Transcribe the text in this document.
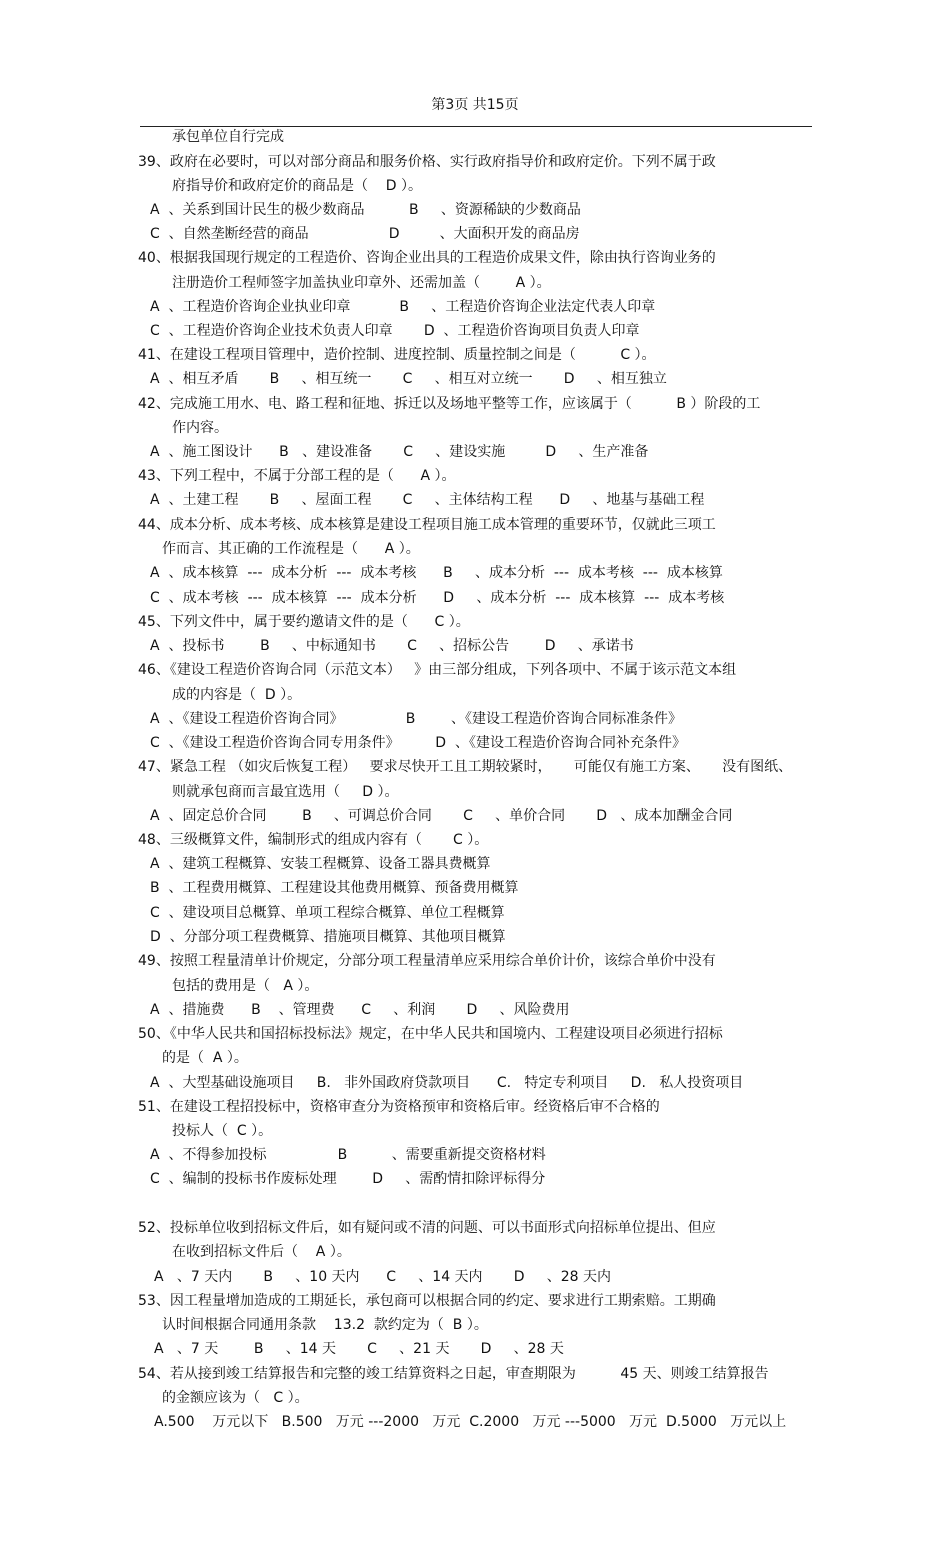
第3页 共15页
承包单位自行完成
39、政府在必要时，可以对部分商品和服务价格、实行政府指导价和政府定价。下列不属于政
府指导价和政府定价的商品是（    D ）。
A  、关系到国计民生的极少数商品          B     、资源稀缺的少数商品
C  、自然垄断经营的商品                  D         、大面积开发的商品房
40、根据我国现行规定的工程造价、咨询企业出具的工程造价成果文件，除由执行咨询业务的
注册造价工程师签字加盖执业印章外、还需加盖（        A ）。
A  、工程造价咨询企业执业印章           B     、工程造价咨询企业法定代表人印章
C  、工程造价咨询企业技术负责人印章       D  、工程造价咨询项目负责人印章
41、在建设工程项目管理中，造价控制、进度控制、质量控制之间是（          C ）。
A  、相互矛盾       B     、相互统一       C     、相互对立统一       D     、相互独立
42、完成施工用水、电、路工程和征地、拆迁以及场地平整等工作，应该属于（          B ）阶段的工
作内容。
A  、施工图设计      B   、建设准备       C     、建设实施         D     、生产准备
43、下列工程中，不属于分部工程的是（      A ）。
A  、土建工程       B     、屋面工程       C     、主体结构工程      D     、地基与基础工程
44、成本分析、成本考核、成本核算是建设工程项目施工成本管理的重要环节，仅就此三项工
作而言、其正确的工作流程是（      A ）。
A  、成本核算  ---  成本分析  ---  成本考核      B     、成本分析  ---  成本考核  ---  成本核算
C  、成本考核  ---  成本核算  ---  成本分析      D     、成本分析  ---  成本核算  ---  成本考核
45、下列文件中，属于要约邀请文件的是（      C ）。
A  、投标书        B     、中标通知书       C     、招标公告        D     、承诺书
46、《建设工程造价咨询合同（示范文本）   》由三部分组成，下列各项中、不属于该示范文本组
成的内容是（  D ）。
A  、《建设工程造价咨询合同》              B        、《建设工程造价咨询合同标准条件》
C  、《建设工程造价咨询合同专用条件》        D  、《建设工程造价咨询合同补充条件》
47、紧急工程 （如灾后恢复工程）   要求尽快开工且工期较紧时，     可能仅有施工方案、     没有图纸、
则就承包商而言最宜选用（     D ）。
A  、固定总价合同        B     、可调总价合同       C     、单价合同       D   、成本加酬金合同
48、三级概算文件，编制形式的组成内容有（       C ）。
A  、建筑工程概算、安装工程概算、设备工器具费概算
B  、工程费用概算、工程建设其他费用概算、预备费用概算
C  、建设项目总概算、单项工程综合概算、单位工程概算
D  、分部分项工程费概算、措施项目概算、其他项目概算
49、按照工程量清单计价规定，分部分项工程量清单应采用综合单价计价，该综合单价中没有
包括的费用是（   A ）。
A  、措施费      B    、管理费      C     、利润       D     、风险费用
50、《中华人民共和国招标投标法》规定，在中华人民共和国境内、工程建设项目必须进行招标
的是（  A ）。
A  、大型基础设施项目     B.   非外国政府贷款项目      C.   特定专利项目     D.   私人投资项目
51、在建设工程招投标中，资格审查分为资格预审和资格后审。经资格后审不合格的
投标人（  C ）。
A  、不得参加投标                B          、需要重新提交资格材料
C  、编制的投标书作废标处理        D     、需酌情扣除评标得分
52、投标单位收到招标文件后，如有疑问或不清的问题、可以书面形式向招标单位提出、但应
在收到招标文件后（    A ）。
A   、7 天内       B     、10 天内      C     、14 天内       D     、28 天内
53、因工程量增加造成的工期延长，承包商可以根据合同的约定、要求进行工期索赔。工期确
认时间根据合同通用条款    13.2  款约定为（  B ）。
A   、7 天        B     、14 天       C     、21 天       D     、28 天
54、若从接到竣工结算报告和完整的竣工结算资料之日起，审查期限为          45 天、则竣工结算报告
的金额应该为（   C ）。
A.500    万元以下   B.500   万元 ---2000   万元  C.2000   万元 ---5000   万元  D.5000   万元以上
